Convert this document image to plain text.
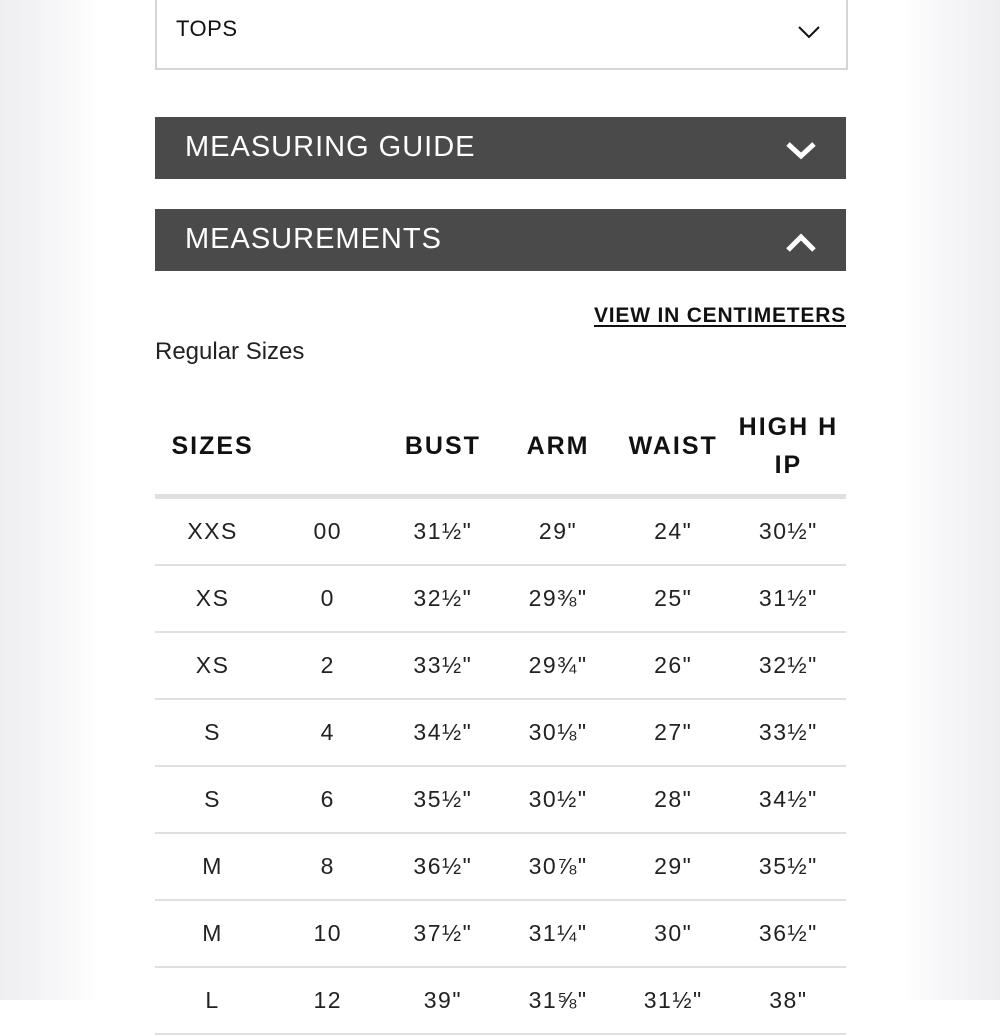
TOPS
MEASURING GUIDE
MEASUREMENTS
VIEW IN CENTIMETERS
Regular Sizes
SIZES		BUST	ARM	WAIST	HIGH HIP
XXS	00	31½"	29"	24"	30½"
XS	0	32½"	29⅜"	25"	31½"
XS	2	33½"	29¾"	26"	32½"
S	4	34½"	30⅛"	27"	33½"
S	6	35½"	30½"	28"	34½"
M	8	36½"	30⅞"	29"	35½"
M	10	37½"	31¼"	30"	36½"
L	12	39"	31⅝"	31½"	38"
